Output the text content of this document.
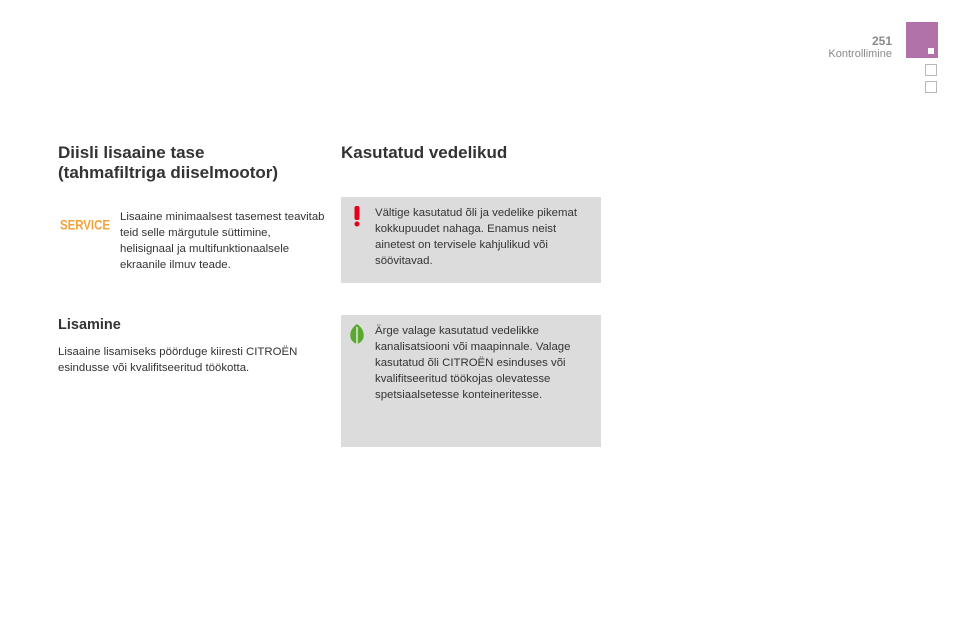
251
Kontrollimine
Diisli lisaaine tase
(tahmafiltriga diiselmootor)
SERVICE Lisaaine minimaalsest tasemest teavitab teid selle märgutule süttimine, helisignaal ja multifunktionaalsele ekraanile ilmuv teade.
Lisamine

Lisaaine lisamiseks pöörduge kiiresti CITROËN esindusse või kvalifitseeritud töökotta.

Kasutatud vedelikud
Vältige kasutatud õli ja vedelike pikemat kokkupuudet nahaga. Enamus neist ainetest on tervisele kahjulikud või söövitavad.
Ärge valage kasutatud vedelikke kanalisatsiooni või maapinnale. Valage kasutatud õli CITROËN esinduses või kvalifitseeritud töökojas olevatesse spetsiaalsetesse konteineritesse.
